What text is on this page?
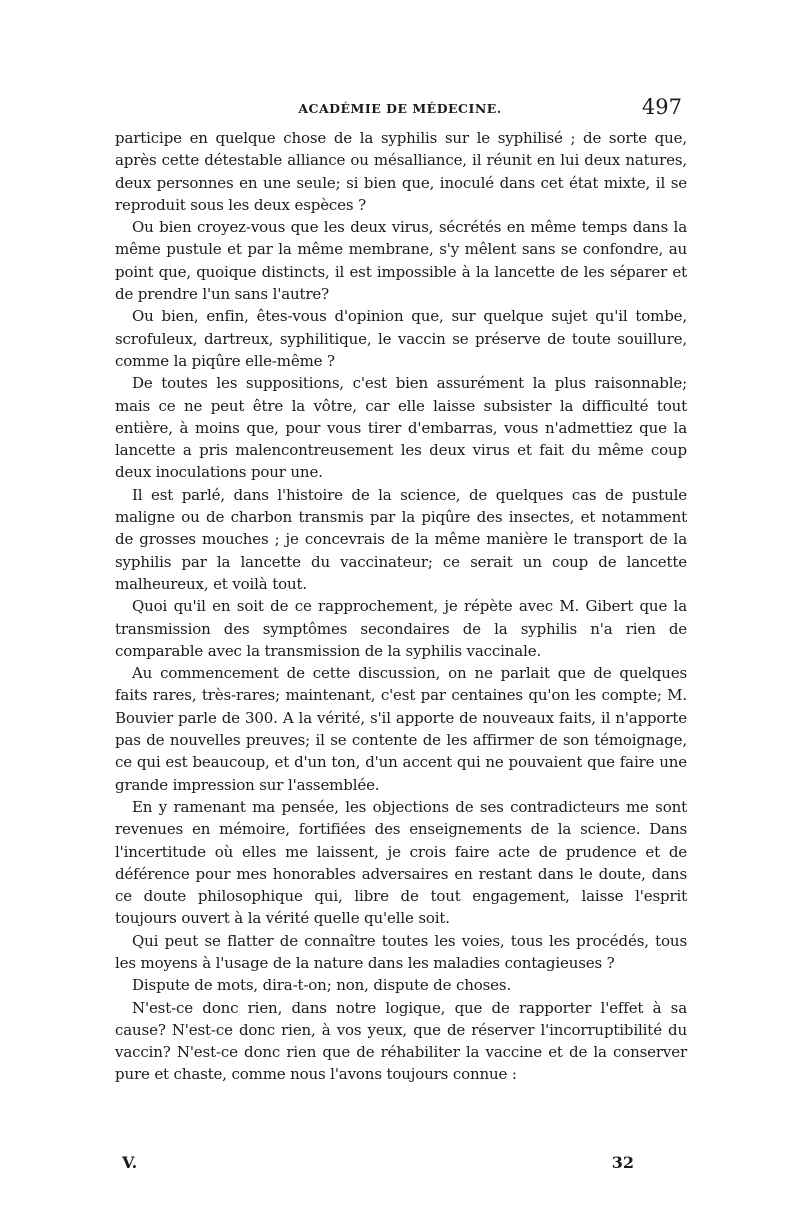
ACADÉMIE DE MÉDECINE.	497

participe en quelque chose de la syphilis sur le syphilisé ; de sorte que, après cette détestable alliance ou mésalliance, il réunit en lui deux natures, deux personnes en une seule; si bien que, inoculé dans cet état mixte, il se reproduit sous les deux espèces ?

Ou bien croyez-vous que les deux virus, sécrétés en même temps dans la même pustule et par la même membrane, s'y mêlent sans se confondre, au point que, quoique distincts, il est impossible à la lancette de les séparer et de prendre l'un sans l'autre?

Ou bien, enfin, êtes-vous d'opinion que, sur quelque sujet qu'il tombe, scrofuleux, dartreux, syphilitique, le vaccin se préserve de toute souillure, comme la piqûre elle-même ?

De toutes les suppositions, c'est bien assurément la plus raisonnable; mais ce ne peut être la vôtre, car elle laisse subsister la difficulté tout entière, à moins que, pour vous tirer d'embarras, vous n'admettiez que la lancette a pris malencontreusement les deux virus et fait du même coup deux inoculations pour une.

Il est parlé, dans l'histoire de la science, de quelques cas de pustule maligne ou de charbon transmis par la piqûre des insectes, et notamment de grosses mouches ; je concevrais de la même manière le transport de la syphilis par la lancette du vaccinateur; ce serait un coup de lancette malheureux, et voilà tout.

Quoi qu'il en soit de ce rapprochement, je répète avec M. Gibert que la transmission des symptômes secondaires de la syphilis n'a rien de comparable avec la transmission de la syphilis vaccinale.

Au commencement de cette discussion, on ne parlait que de quelques faits rares, très-rares; maintenant, c'est par centaines qu'on les compte; M. Bouvier parle de 300. A la vérité, s'il apporte de nouveaux faits, il n'apporte pas de nouvelles preuves; il se contente de les affirmer de son témoignage, ce qui est beaucoup, et d'un ton, d'un accent qui ne pouvaient que faire une grande impression sur l'assemblée.

En y ramenant ma pensée, les objections de ses contradicteurs me sont revenues en mémoire, fortifiées des enseignements de la science. Dans l'incertitude où elles me laissent, je crois faire acte de prudence et de déférence pour mes honorables adversaires en restant dans le doute, dans ce doute philosophique qui, libre de tout engagement, laisse l'esprit toujours ouvert à la vérité quelle qu'elle soit.

Qui peut se flatter de connaître toutes les voies, tous les procédés, tous les moyens à l'usage de la nature dans les maladies contagieuses ?

Dispute de mots, dira-t-on; non, dispute de choses.

N'est-ce donc rien, dans notre logique, que de rapporter l'effet à sa cause? N'est-ce donc rien, à vos yeux, que de réserver l'incorruptibilité du vaccin? N'est-ce donc rien que de réhabiliter la vaccine et de la conserver pure et chaste, comme nous l'avons toujours connue :

V.	32
